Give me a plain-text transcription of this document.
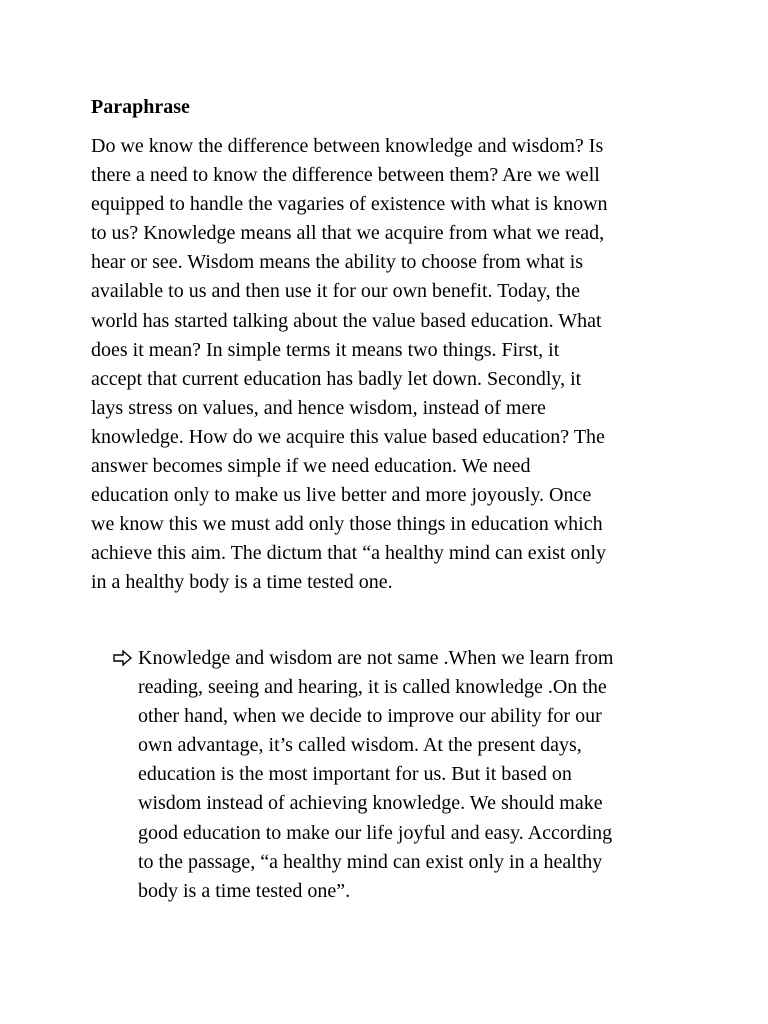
Paraphrase

Do we know the difference between knowledge and wisdom? Is
there a need to know the difference between them? Are we well
equipped to handle the vagaries of existence with what is known
to us? Knowledge means all that we acquire from what we read,
hear or see. Wisdom means the ability to choose from what is
available to us and then use it for our own benefit. Today, the
world has started talking about the value based education. What
does it mean? In simple terms it means two things. First, it
accept that current education has badly let down. Secondly, it
lays stress on values, and hence wisdom, instead of mere
knowledge. How do we acquire this value based education? The
answer becomes simple if we need education. We need
education only to make us live better and more joyously. Once
we know this we must add only those things in education which
achieve this aim. The dictum that “a healthy mind can exist only
in a healthy body is a time tested one.

Knowledge and wisdom are not same .When we learn from
reading, seeing and hearing, it is called knowledge .On the
other hand, when we decide to improve our ability for our
own advantage, it’s called wisdom. At the present days,
education is the most important for us. But it based on
wisdom instead of achieving knowledge. We should make
good education to make our life joyful and easy. According
to the passage, “a healthy mind can exist only in a healthy
body is a time tested one”.
